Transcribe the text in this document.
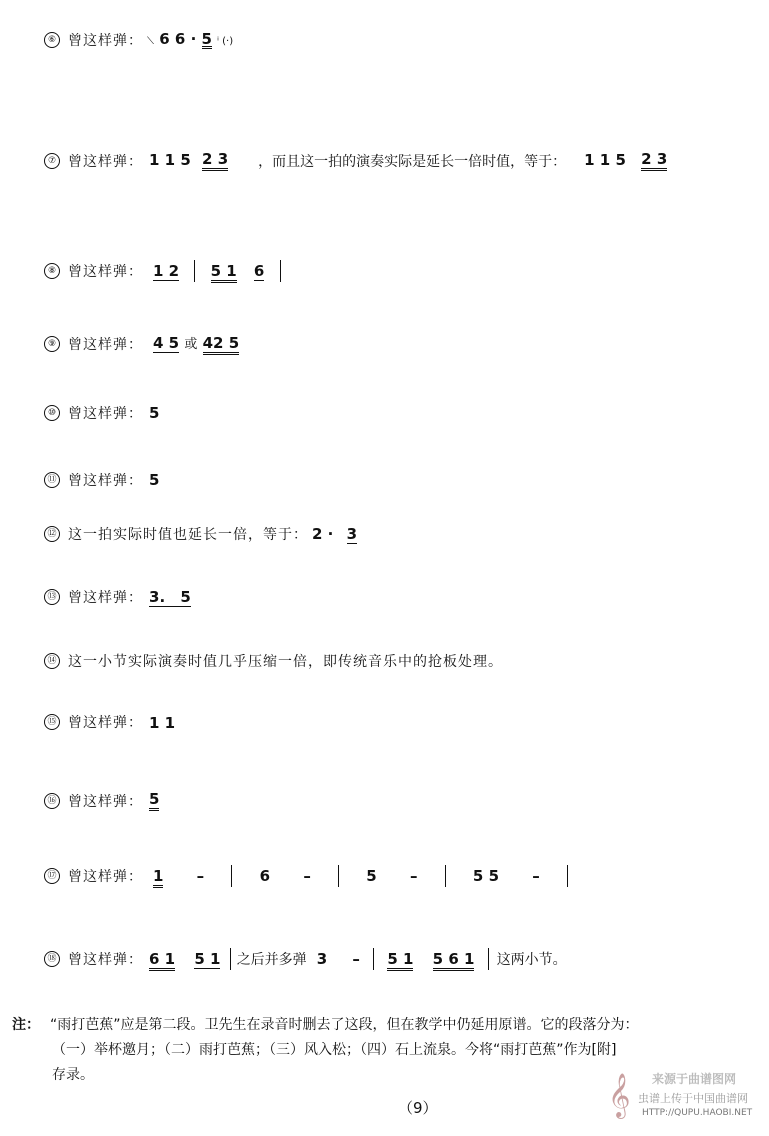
⑥ 曾这样弹： ⟍ 6 6 · 5 ⁱ (·)
⑦ 曾这样弹： 1 1 5 2 3 ，而且这一拍的演奏实际是延长一倍时值，等于： 1 1 5 2 3
⑧ 曾这样弹： 1 2 5 1 6
⑨ 曾这样弹： 4 5 或 42 5
⑩ 曾这样弹： 5
⑪ 曾这样弹： 5
⑫ 这一拍实际时值也延长一倍，等于： 2 · 3
⑬ 曾这样弹： 3. 5
⑭ 这一小节实际演奏时值几乎压缩一倍，即传统音乐中的抢板处理。
⑮ 曾这样弹： 1 1
⑯ 曾这样弹： 5
⑰ 曾这样弹： 1 –	6 –	5 –	5 5 –
⑱ 曾这样弹： 6 1 5 1	之后并多弹 3 – 5 1 5 6 1	这两小节。
注： “雨打芭蕉”应是第二段。卫先生在录音时删去了这段，但在教学中仍延用原谱。它的段落分为：
（一）举杯邀月；（二）雨打芭蕉；（三）风入松；（四）石上流泉。今将“雨打芭蕉”作为[附]
存录。
（9）	𝄞 来源于曲谱图网
虫谱上传于中国曲谱网
HTTP://QUPU.HAOBI.NET
